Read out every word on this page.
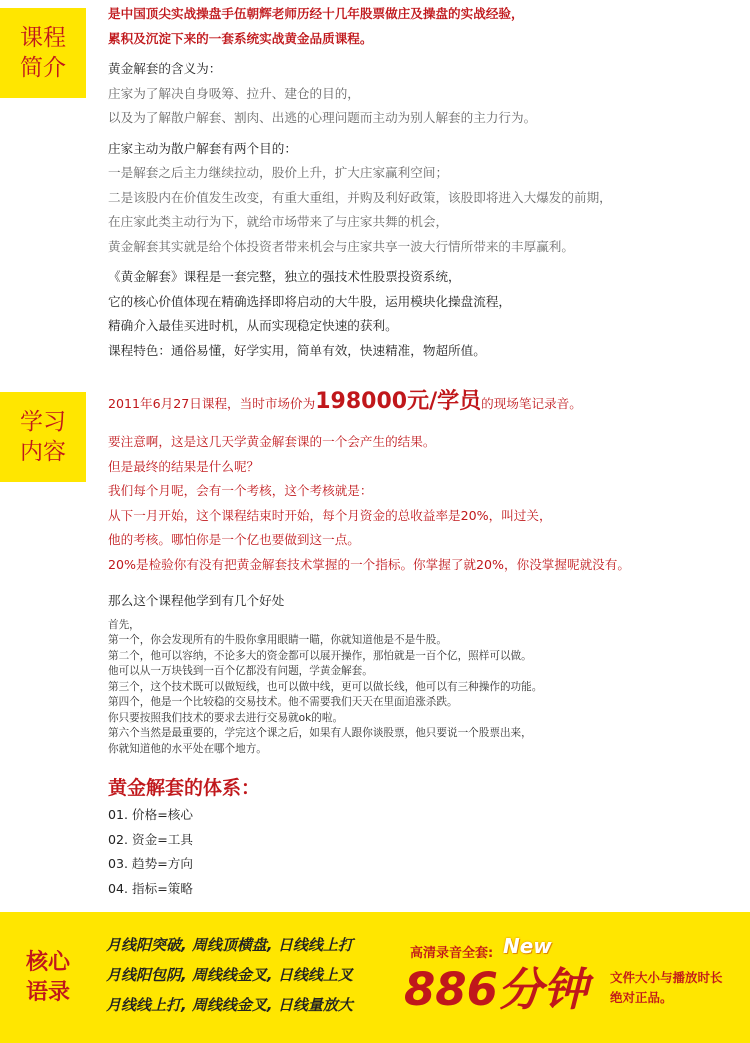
课程
简介
是中国顶尖实战操盘手伍朝辉老师历经十几年股票做庄及操盘的实战经验，
累积及沉淀下来的一套系统实战黄金品质课程。
黄金解套的含义为：
庄家为了解决自身吸筹、拉升、建仓的目的，
以及为了解散户解套、割肉、出逃的心理问题而主动为别人解套的主力行为。
庄家主动为散户解套有两个目的：
一是解套之后主力继续拉动，股价上升，扩大庄家赢利空间；
二是该股内在价值发生改变，有重大重组，并购及利好政策，该股即将进入大爆发的前期，
在庄家此类主动行为下，就给市场带来了与庄家共舞的机会，
黄金解套其实就是给个体投资者带来机会与庄家共享一波大行情所带来的丰厚赢利。
《黄金解套》课程是一套完整，独立的强技术性股票投资系统，
它的核心价值体现在精确选择即将启动的大牛股，运用模块化操盘流程，
精确介入最佳买进时机，从而实现稳定快速的获利。
课程特色：通俗易懂，好学实用，简单有效，快速精准，物超所值。
学习
内容
2011年6月27日课程，当时市场价为198000元/学员的现场笔记录音。
要注意啊，这是这几天学黄金解套课的一个会产生的结果。
但是最终的结果是什么呢？
我们每个月呢，会有一个考核，这个考核就是：
从下一月开始，这个课程结束时开始，每个月资金的总收益率是20%，叫过关，
他的考核。哪怕你是一个亿也要做到这一点。
20%是检验你有没有把黄金解套技术掌握的一个指标。你掌握了就20%，你没掌握呢就没有。
那么这个课程他学到有几个好处
首先，
第一个，你会发现所有的牛股你拿用眼睛一瞄，你就知道他是不是牛股。
第二个，他可以容纳，不论多大的资金都可以展开操作，那怕就是一百个亿，照样可以做。
他可以从一万块钱到一百个亿都没有问题，学黄金解套。
第三个，这个技术既可以做短线，也可以做中线，更可以做长线，他可以有三种操作的功能。
第四个，他是一个比较稳的交易技术。他不需要我们天天在里面追涨杀跌。
你只要按照我们技术的要求去进行交易就ok的啦。
第六个当然是最重要的，学完这个课之后，如果有人跟你谈股票，他只要说一个股票出来，
你就知道他的水平处在哪个地方。
黄金解套的体系：
01. 价格=核心
02. 资金=工具
03. 趋势=方向
04. 指标=策略
核心
语录
月线阳突破, 周线顶横盘, 日线线上打
月线阳包阴, 周线线金叉, 日线线上叉
月线线上打, 周线线金叉, 日线量放大
高清录音全套: New
886分钟 文件大小与播放时长
绝对正品。
